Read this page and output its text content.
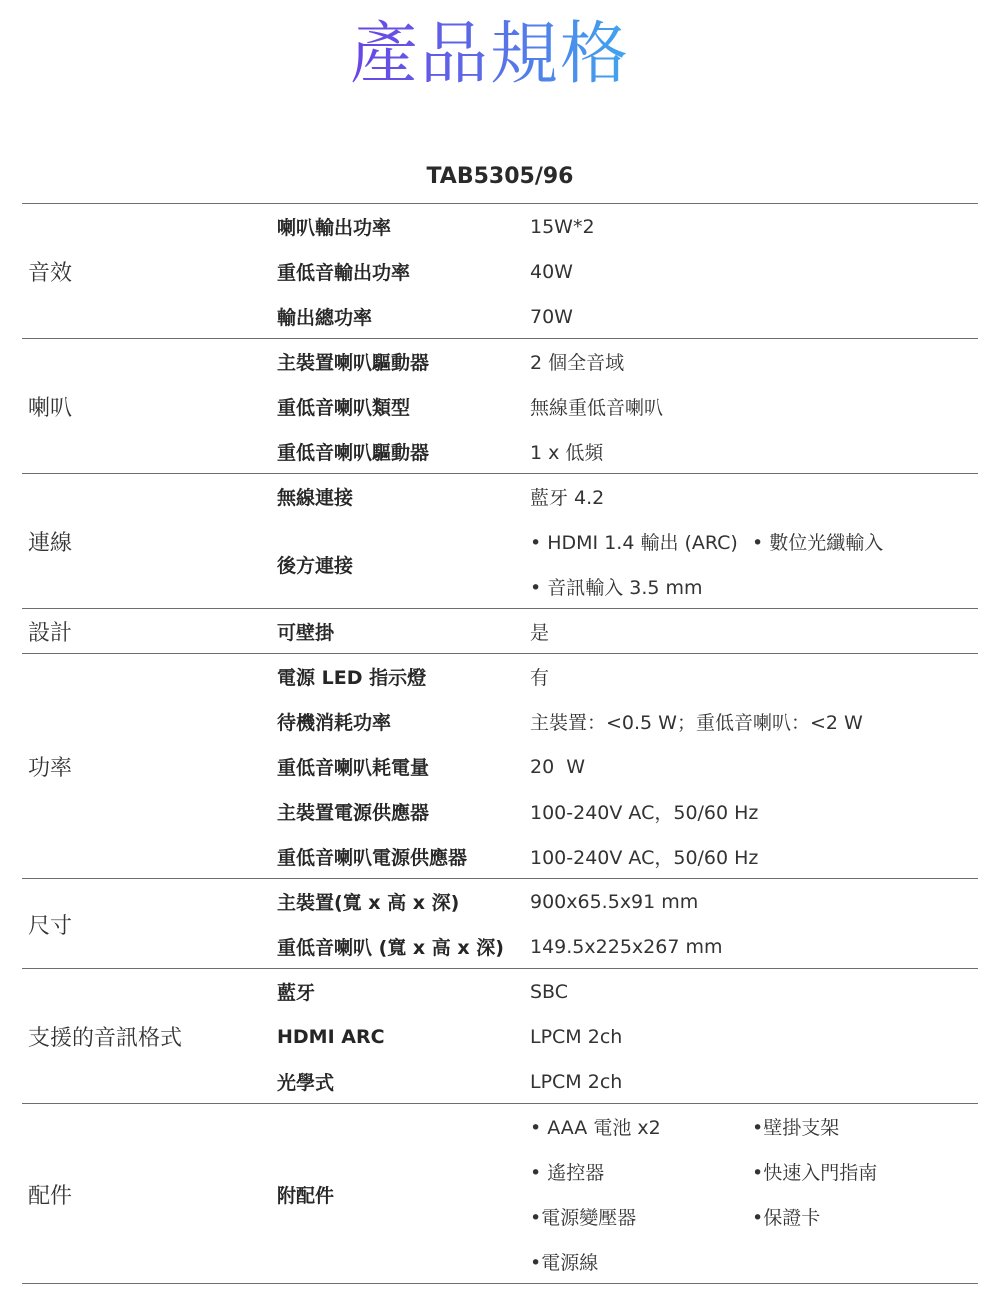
產品規格
TAB5305/96
音效
喇叭輸出功率	15W*2
重低音輸出功率	40W
輸出總功率	70W
喇叭
主裝置喇叭驅動器	2 個全音域
重低音喇叭類型	無線重低音喇叭
重低音喇叭驅動器	1 x 低頻
連線
無線連接	藍牙 4.2
後方連接
• HDMI 1.4 輸出 (ARC) • 數位光纖輸入
• 音訊輸入 3.5 mm
設計	可壁掛	是
功率
電源 LED 指示燈	有
待機消耗功率	主裝置：<0.5 W；重低音喇叭：<2 W
重低音喇叭耗電量	20  W
主裝置電源供應器	100-240V AC，50/60 Hz
重低音喇叭電源供應器	100-240V AC，50/60 Hz
尺寸
主裝置(寬 x 高 x 深)	900x65.5x91 mm
重低音喇叭 (寬 x 高 x 深)	149.5x225x267 mm
支援的音訊格式
藍牙	SBC
HDMI ARC	LPCM 2ch
光學式	LPCM 2ch
配件	附配件
• AAA 電池 x2	•壁掛支架
• 遙控器	•快速入門指南
•電源變壓器	•保證卡
•電源線
